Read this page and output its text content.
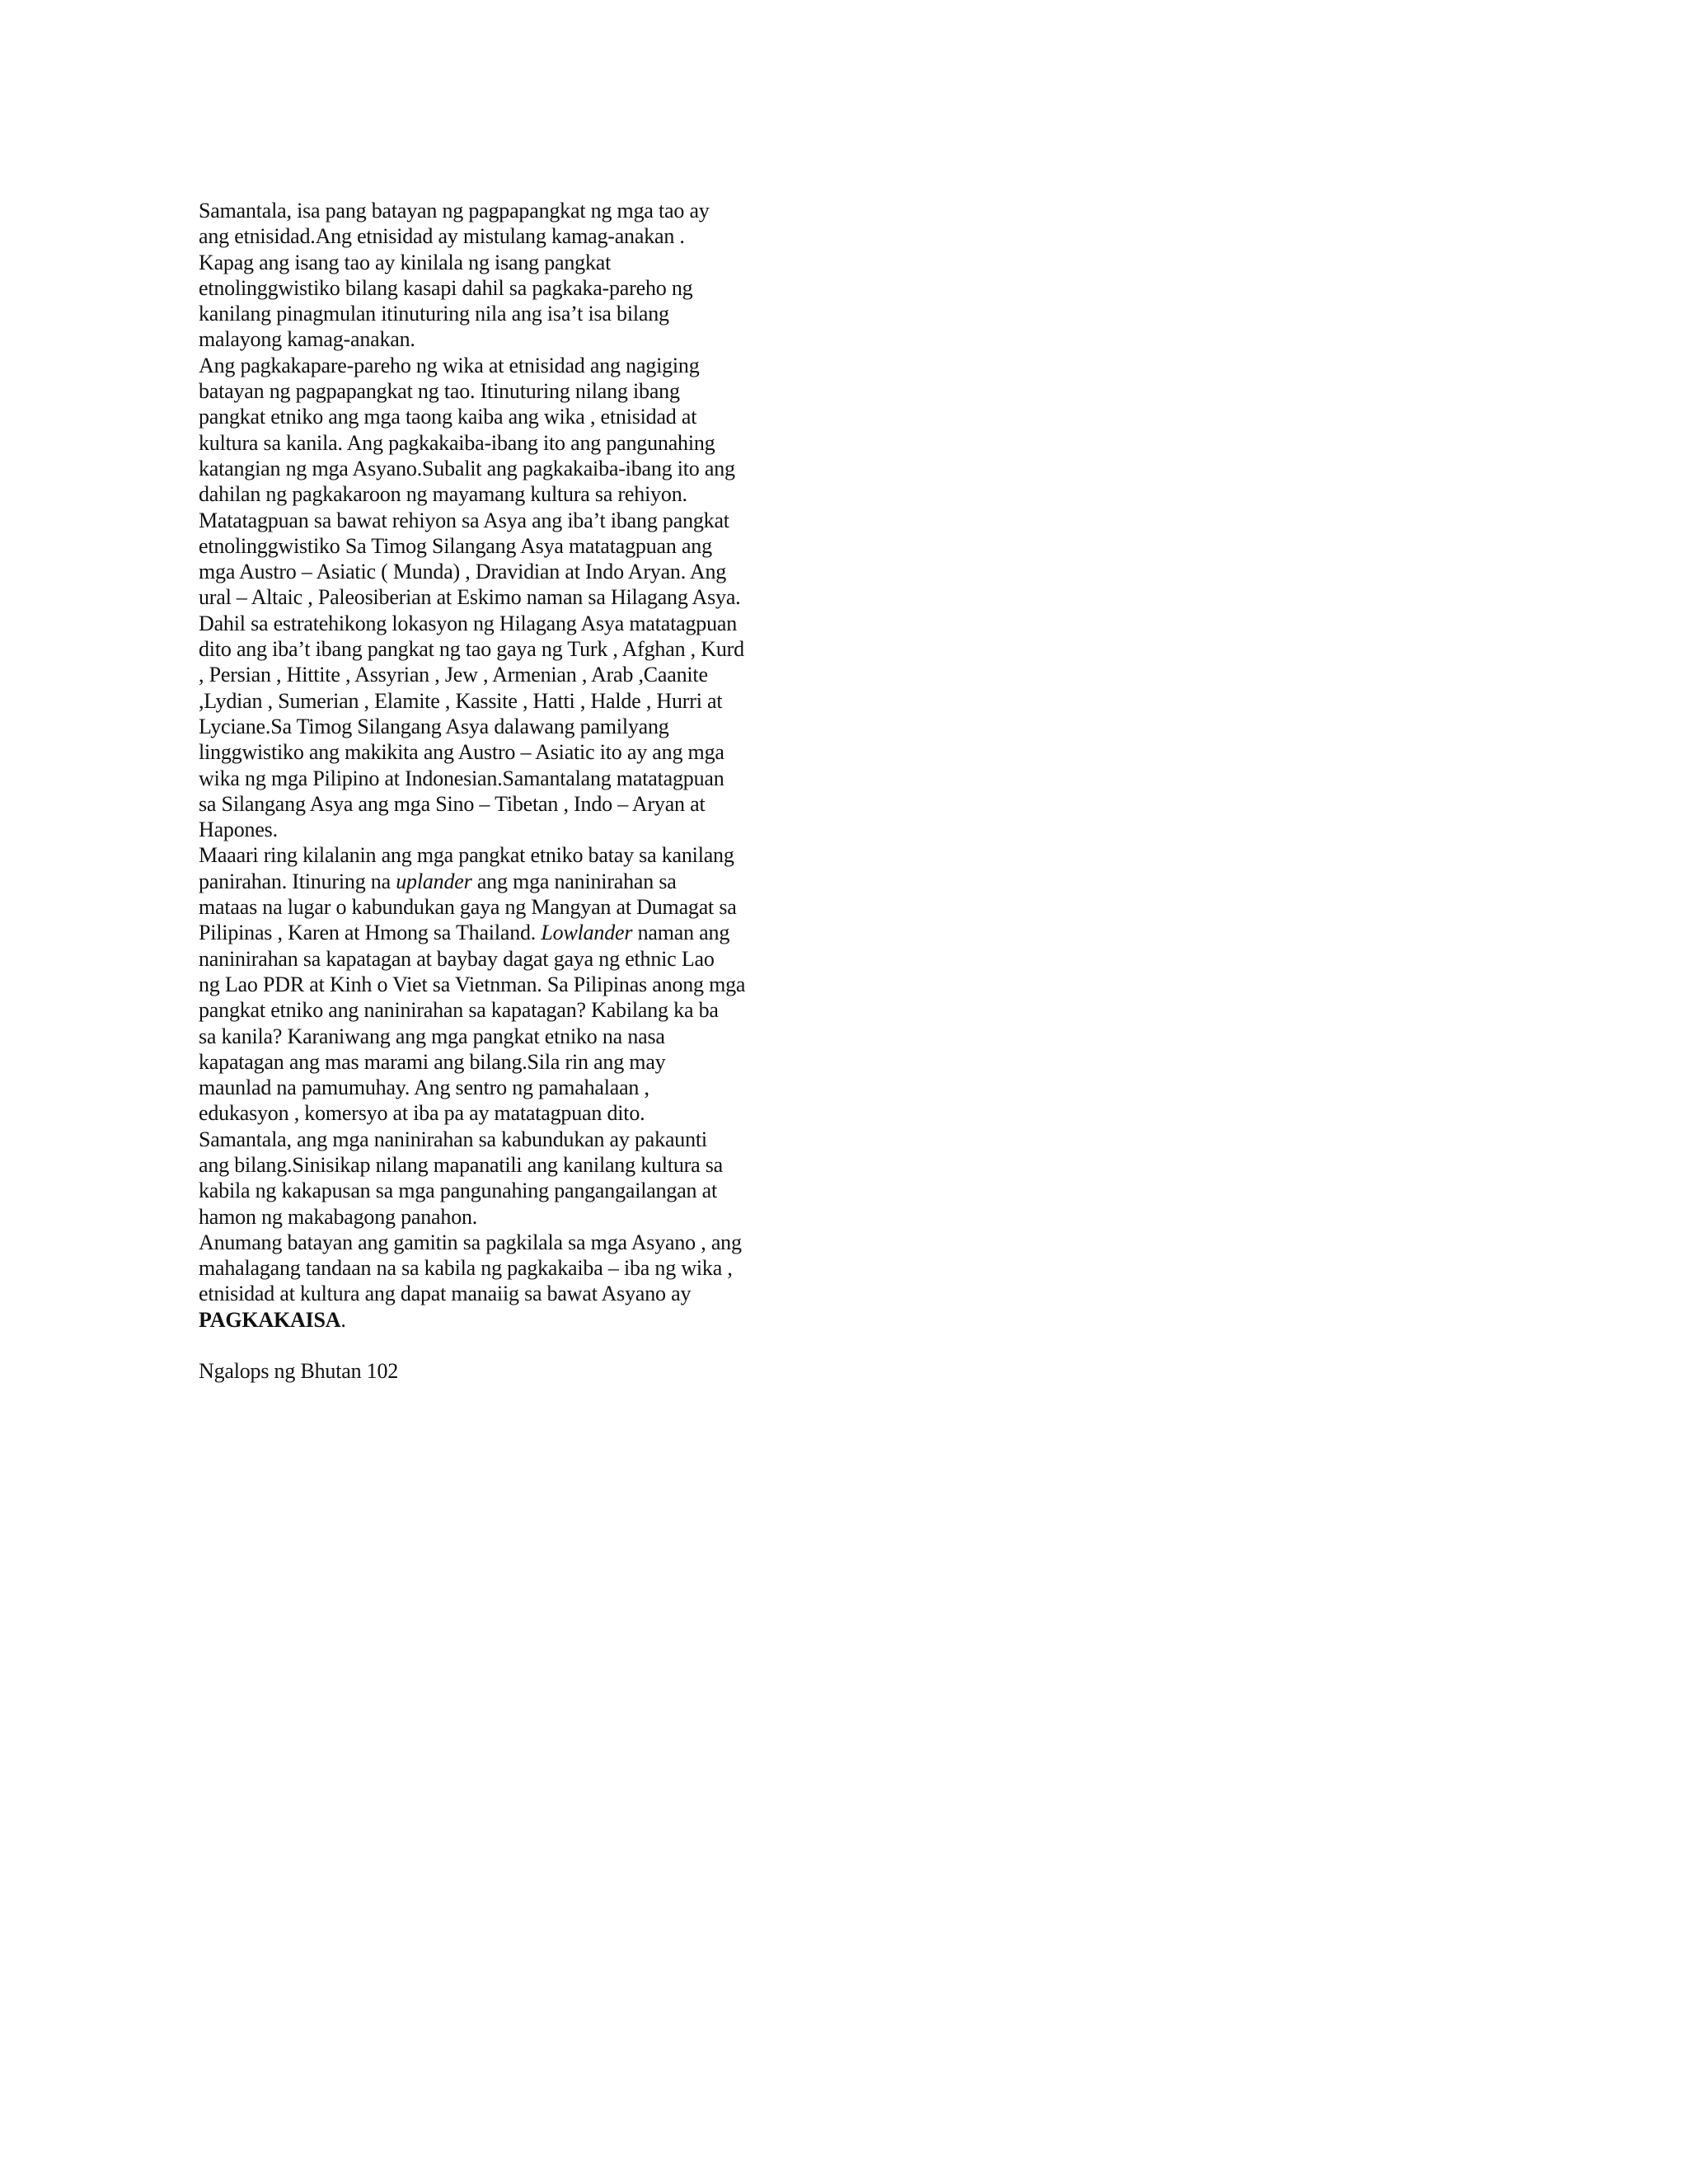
Samantala, isa pang batayan ng pagpapangkat ng mga tao ay
ang etnisidad.Ang etnisidad ay mistulang kamag-anakan .
Kapag ang isang tao ay kinilala ng isang pangkat
etnolinggwistiko bilang kasapi dahil sa pagkaka-pareho ng
kanilang pinagmulan itinuturing nila ang isa’t isa bilang
malayong kamag-anakan.
Ang pagkakapare-pareho ng wika at etnisidad ang nagiging
batayan ng pagpapangkat ng tao. Itinuturing nilang ibang
pangkat etniko ang mga taong kaiba ang wika , etnisidad at
kultura sa kanila. Ang pagkakaiba-ibang ito ang pangunahing
katangian ng mga Asyano.Subalit ang pagkakaiba-ibang ito ang
dahilan ng pagkakaroon ng mayamang kultura sa rehiyon.
Matatagpuan sa bawat rehiyon sa Asya ang iba’t ibang pangkat
etnolinggwistiko Sa Timog Silangang Asya matatagpuan ang
mga Austro – Asiatic ( Munda) , Dravidian at Indo Aryan. Ang
ural – Altaic , Paleosiberian at Eskimo naman sa Hilagang Asya.
Dahil sa estratehikong lokasyon ng Hilagang Asya matatagpuan
dito ang iba’t ibang pangkat ng tao gaya ng Turk , Afghan , Kurd
, Persian , Hittite , Assyrian , Jew , Armenian , Arab ,Caanite
,Lydian , Sumerian , Elamite , Kassite , Hatti , Halde , Hurri at
Lyciane.Sa Timog Silangang Asya dalawang pamilyang
linggwistiko ang makikita ang Austro – Asiatic ito ay ang mga
wika ng mga Pilipino at Indonesian.Samantalang matatagpuan
sa Silangang Asya ang mga Sino – Tibetan , Indo – Aryan at
Hapones.
Maaari ring kilalanin ang mga pangkat etniko batay sa kanilang
panirahan. Itinuring na uplander ang mga naninirahan sa
mataas na lugar o kabundukan gaya ng Mangyan at Dumagat sa
Pilipinas , Karen at Hmong sa Thailand. Lowlander naman ang
naninirahan sa kapatagan at baybay dagat gaya ng ethnic Lao
ng Lao PDR at Kinh o Viet sa Vietnman. Sa Pilipinas anong mga
pangkat etniko ang naninirahan sa kapatagan? Kabilang ka ba
sa kanila? Karaniwang ang mga pangkat etniko na nasa
kapatagan ang mas marami ang bilang.Sila rin ang may
maunlad na pamumuhay. Ang sentro ng pamahalaan ,
edukasyon , komersyo at iba pa ay matatagpuan dito.
Samantala, ang mga naninirahan sa kabundukan ay pakaunti
ang bilang.Sinisikap nilang mapanatili ang kanilang kultura sa
kabila ng kakapusan sa mga pangunahing pangangailangan at
hamon ng makabagong panahon.
Anumang batayan ang gamitin sa pagkilala sa mga Asyano , ang
mahalagang tandaan na sa kabila ng pagkakaiba – iba ng wika ,
etnisidad at kultura ang dapat manaiig sa bawat Asyano ay
PAGKAKAISA.
Ngalops ng Bhutan 102
